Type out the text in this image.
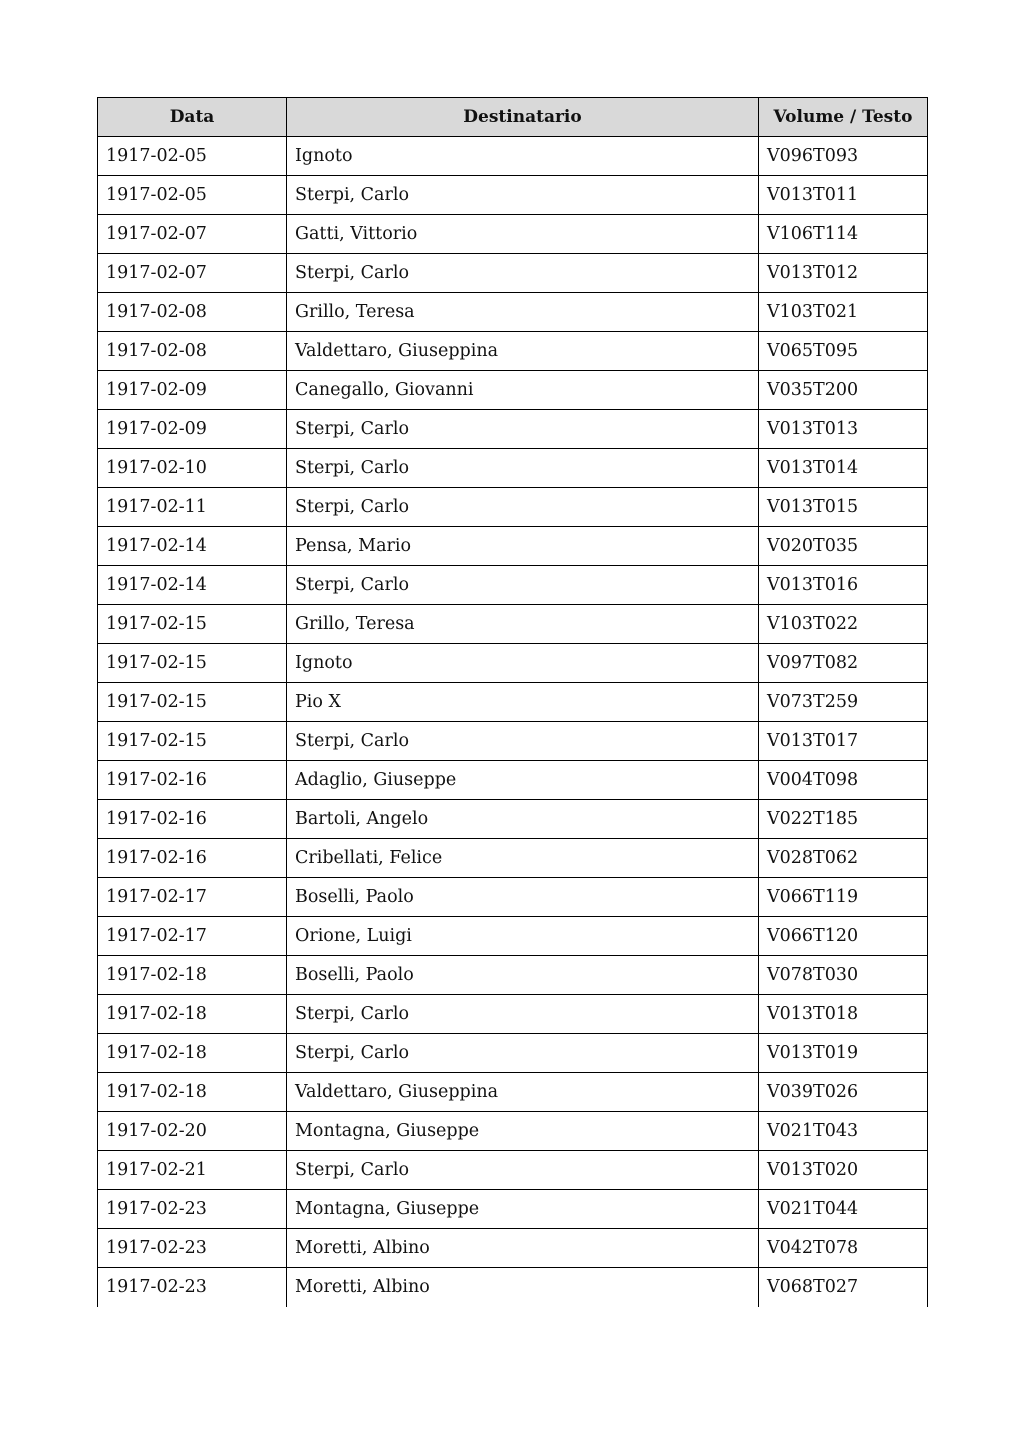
Data	Destinatario	Volume / Testo
1917-02-05	Ignoto	V096T093
1917-02-05	Sterpi, Carlo	V013T011
1917-02-07	Gatti, Vittorio	V106T114
1917-02-07	Sterpi, Carlo	V013T012
1917-02-08	Grillo, Teresa	V103T021
1917-02-08	Valdettaro, Giuseppina	V065T095
1917-02-09	Canegallo, Giovanni	V035T200
1917-02-09	Sterpi, Carlo	V013T013
1917-02-10	Sterpi, Carlo	V013T014
1917-02-11	Sterpi, Carlo	V013T015
1917-02-14	Pensa, Mario	V020T035
1917-02-14	Sterpi, Carlo	V013T016
1917-02-15	Grillo, Teresa	V103T022
1917-02-15	Ignoto	V097T082
1917-02-15	Pio X	V073T259
1917-02-15	Sterpi, Carlo	V013T017
1917-02-16	Adaglio, Giuseppe	V004T098
1917-02-16	Bartoli, Angelo	V022T185
1917-02-16	Cribellati, Felice	V028T062
1917-02-17	Boselli, Paolo	V066T119
1917-02-17	Orione, Luigi	V066T120
1917-02-18	Boselli, Paolo	V078T030
1917-02-18	Sterpi, Carlo	V013T018
1917-02-18	Sterpi, Carlo	V013T019
1917-02-18	Valdettaro, Giuseppina	V039T026
1917-02-20	Montagna, Giuseppe	V021T043
1917-02-21	Sterpi, Carlo	V013T020
1917-02-23	Montagna, Giuseppe	V021T044
1917-02-23	Moretti, Albino	V042T078
1917-02-23	Moretti, Albino	V068T027
